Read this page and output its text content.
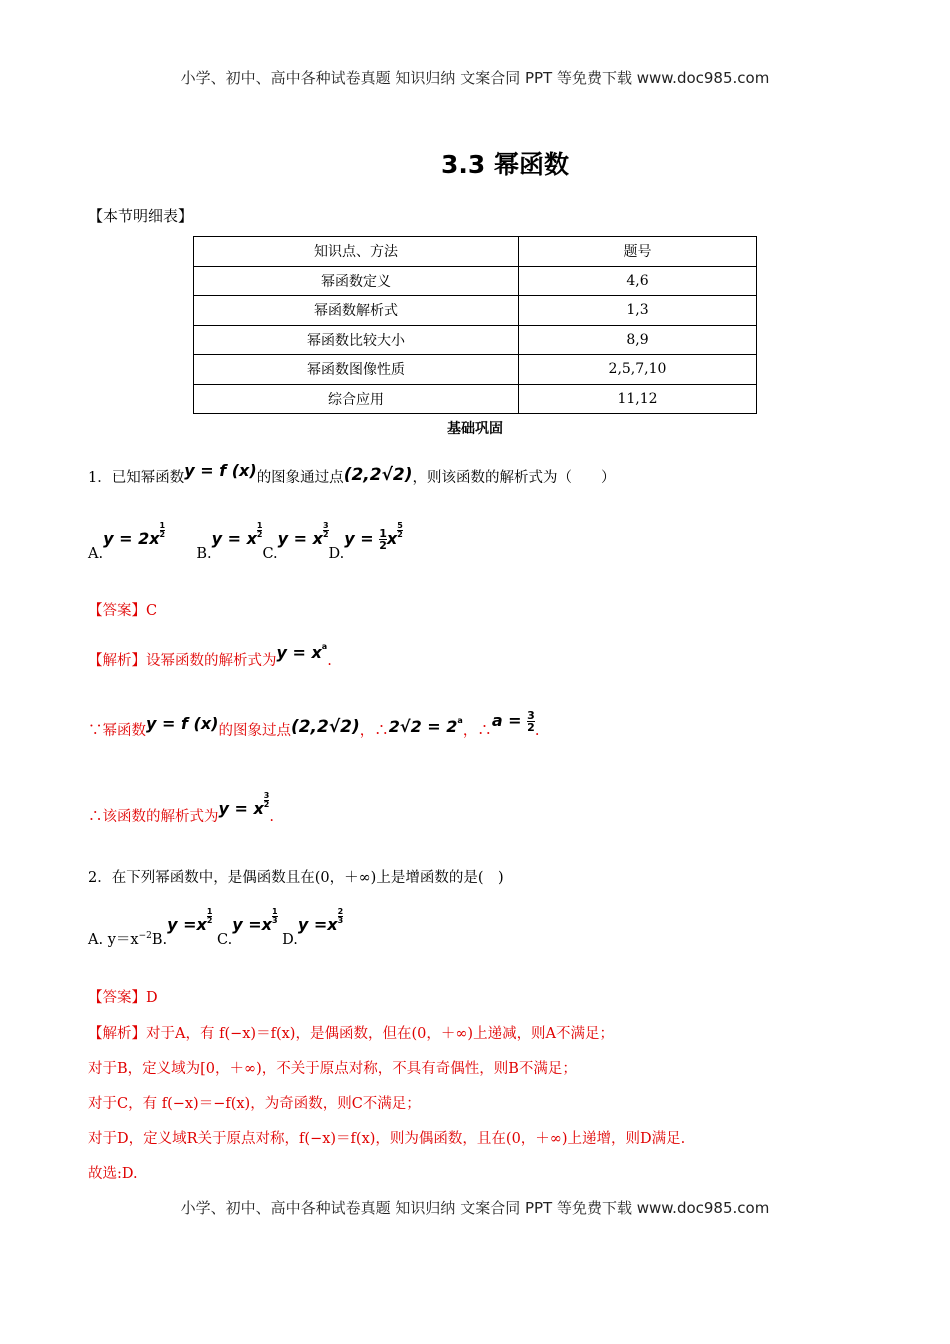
小学、初中、高中各种试卷真题 知识归纳 文案合同 PPT 等免费下载 www.doc985.com
3.3 幂函数
【本节明细表】
知识点、方法	题号
幂函数定义	4,6
幂函数解析式	1,3
幂函数比较大小	8,9
幂函数图像性质	2,5,7,10
综合应用	11,12
基础巩固
1．已知幂函数y = f (x)的图象通过点(2,2√2)，则该函数的解析式为（　　）
$A.y = 2x\frac{1}{2}$
$B.y = x\frac{1}{2}$
$C.y = x\frac{3}{2}$
$D.y = \frac{1}{2} x\frac{5}{2}$
【答案】C
【解析】设幂函数的解析式为$y = x^a$.
∵幂函数y = f (x)的图象过点(2,2√2)，∴2√2 = $2^a$，∴a = $\frac{3}{2}$ .
∴该函数的解析式为$y = x\frac{3}{2}$
.
2．在下列幂函数中，是偶函数且在(0，＋∞)上是增函数的是(　)
A. $y=x^{-2}B.y =x\frac{1}{2}$
$C.y =x\frac{1}{3}$
$D.y =x\frac{2}{3}$
【答案】D
【解析】对于A，有 f(−x)＝f(x)，是偶函数，但在(0，＋∞)上递减，则A不满足；
对于B，定义域为[0，＋∞)，不关于原点对称，不具有奇偶性，则B不满足；
对于C，有 f(−x)＝−f(x)，为奇函数，则C不满足；
对于D，定义域R关于原点对称，f(−x)＝f(x)，则为偶函数，且在(0，＋∞)上递增，则D满足.
故选:D.
小学、初中、高中各种试卷真题 知识归纳 文案合同 PPT 等免费下载 www.doc985.com
